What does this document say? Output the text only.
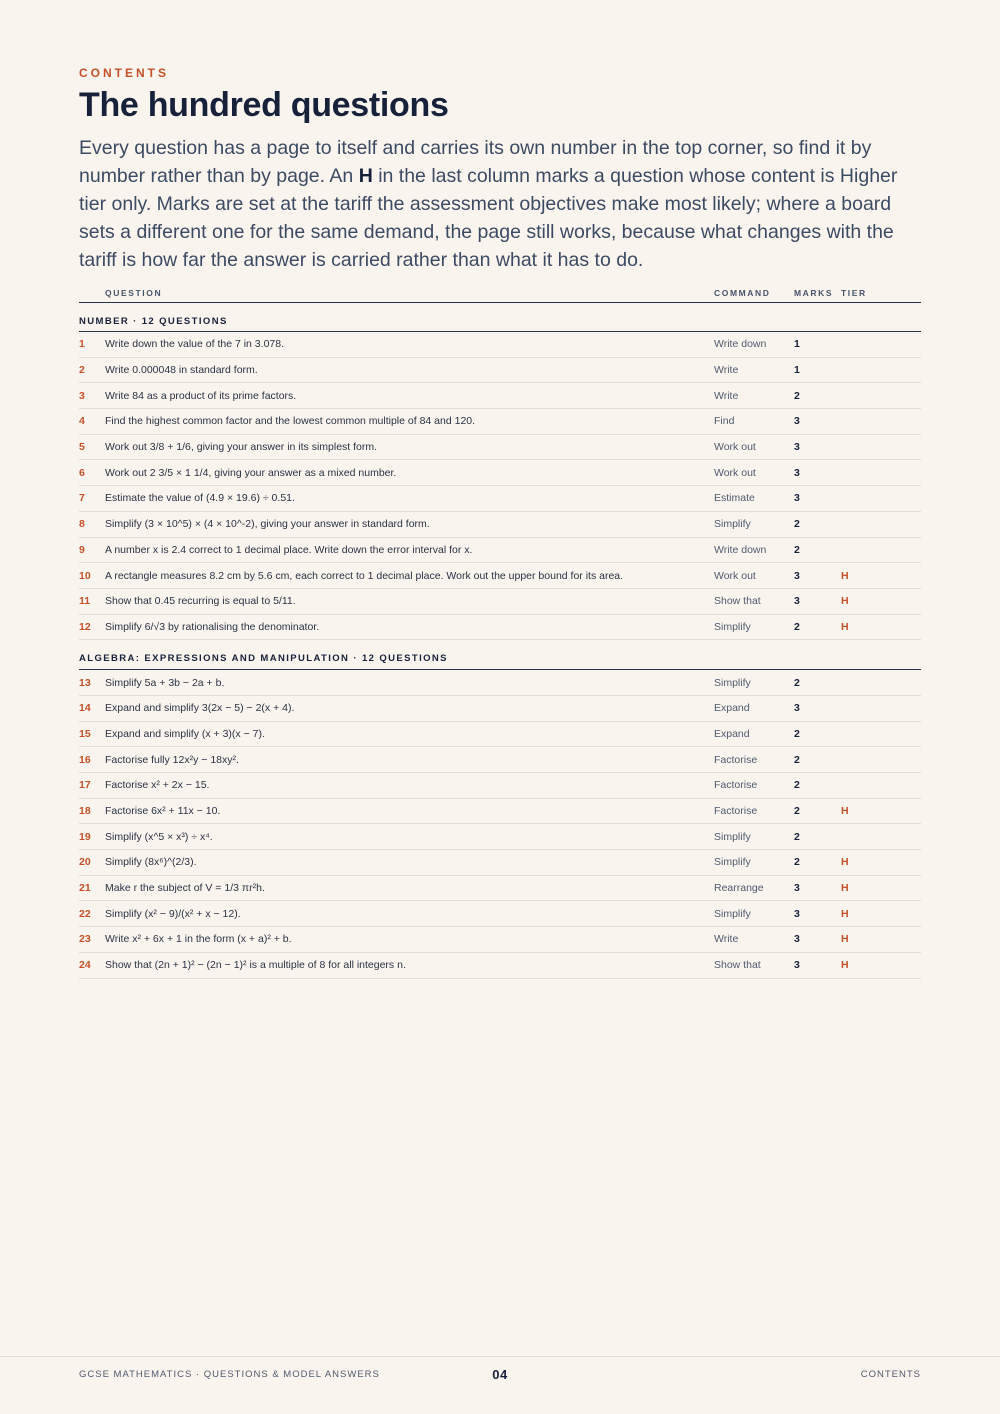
CONTENTS
The hundred questions

Every question has a page to itself and carries its own number in the top corner, so find it by number rather than by page. An H in the last column marks a question whose content is Higher tier only. Marks are set at the tariff the assessment objectives make most likely; where a board sets a different one for the same demand, the page still works, because what changes with the tariff is how far the answer is carried rather than what it has to do.

QUESTION	COMMAND	MARKS TIER
NUMBER · 12 QUESTIONS
1	Write down the value of the 7 in 3.078.	Write down	1
2	Write 0.000048 in standard form.	Write	1
3	Write 84 as a product of its prime factors.	Write	2
4	Find the highest common factor and the lowest common multiple of 84 and 120.	Find	3
5	Work out 3/8 + 1/6, giving your answer in its simplest form.	Work out	3
6	Work out 2 3/5 × 1 1/4, giving your answer as a mixed number.	Work out	3
7	Estimate the value of (4.9 × 19.6) ÷ 0.51.	Estimate	3
8	Simplify (3 × 10^5) × (4 × 10^-2), giving your answer in standard form.	Simplify	2
9	A number x is 2.4 correct to 1 decimal place. Write down the error interval for x.	Write down	2
10	A rectangle measures 8.2 cm by 5.6 cm, each correct to 1 decimal place. Work out the upper bound for its area.	Work out	3	H
11	Show that 0.45 recurring is equal to 5/11.	Show that	3	H
12	Simplify 6/√3 by rationalising the denominator.	Simplify	2	H
ALGEBRA: EXPRESSIONS AND MANIPULATION · 12 QUESTIONS
13	Simplify 5a + 3b − 2a + b.	Simplify	2
14	Expand and simplify 3(2x − 5) − 2(x + 4).	Expand	3
15	Expand and simplify (x + 3)(x − 7).	Expand	2
16	Factorise fully 12x²y − 18xy².	Factorise	2
17	Factorise x² + 2x − 15.	Factorise	2
18	Factorise 6x² + 11x − 10.	Factorise	2	H
19	Simplify (x^5 × x³) ÷ x⁴.	Simplify	2
20	Simplify (8x⁶)^(2/3).	Simplify	2	H
21	Make r the subject of V = 1/3 πr²h.	Rearrange	3	H
22	Simplify (x² − 9)/(x² + x − 12).	Simplify	3	H
23	Write x² + 6x + 1 in the form (x + a)² + b.	Write	3	H
24	Show that (2n + 1)² − (2n − 1)² is a multiple of 8 for all integers n.	Show that	3	H
GCSE MATHEMATICS · QUESTIONS & MODEL ANSWERS	04	CONTENTS
